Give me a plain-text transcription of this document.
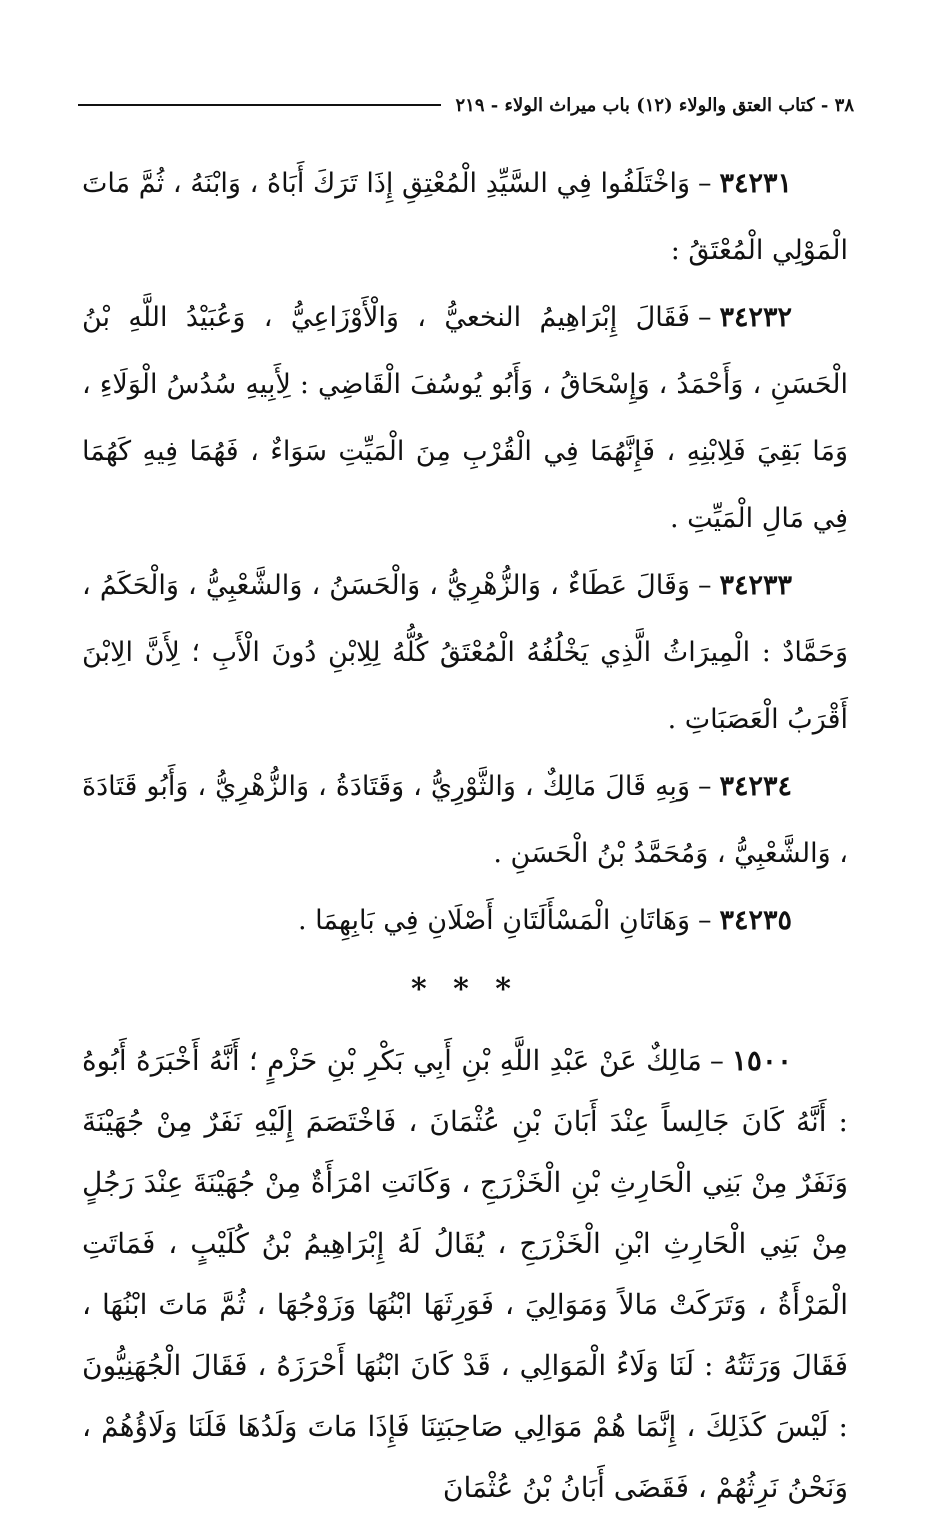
٣٨ - كتاب العتق والولاء (١٢) باب ميراث الولاء - ٢١٩

٣٤٢٣١–وَاخْتَلَفُوا فِي السَّيِّدِ الْمُعْتِقِ إِذَا تَرَكَ أَبَاهُ ، وَابْنَهُ ، ثُمَّ مَاتَ الْمَوْلِي الْمُعْتَقُ :

٣٤٢٣٢–فَقَالَ إِبْرَاهِيمُ النخعيُّ ، وَالْأَوْزَاعِيُّ ، وَعُبَيْدُ اللَّهِ بْنُ الْحَسَنِ ، وَأَحْمَدُ ، وَإِسْحَاقُ ، وَأَبُو يُوسُفَ الْقَاضِي : لِأَبِيهِ سُدُسُ الْوَلَاءِ ، وَمَا بَقِيَ فَلِابْنِهِ ، فَإِنَّهُمَا فِي الْقُرْبِ مِنَ الْمَيِّتِ سَوَاءٌ ، فَهُمَا فِيهِ كَهُمَا فِي مَالِ الْمَيِّتِ .

٣٤٢٣٣–وَقَالَ عَطَاءٌ ، وَالزُّهْرِيُّ ، وَالْحَسَنُ ، وَالشَّعْبِيُّ ، وَالْحَكَمُ ، وَحَمَّادٌ : الْمِيرَاثُ الَّذِي يَخْلُفُهُ الْمُعْتَقُ كُلُّهُ لِلِابْنِ دُونَ الْأَبِ ؛ لِأَنَّ الِابْنَ أَقْرَبُ الْعَصَبَاتِ .

٣٤٢٣٤–وَبِهِ قَالَ مَالِكٌ ، وَالثَّوْرِيُّ ، وَقَتَادَةُ ، وَالزُّهْرِيُّ ، وَأَبُو قَتَادَةَ ، وَالشَّعْبِيُّ ، وَمُحَمَّدُ بْنُ الْحَسَنِ .

٣٤٢٣٥–وَهَاتَانِ الْمَسْأَلَتَانِ أَصْلَانِ فِي بَابِهِمَا .

* * *

١٥٠٠–مَالِكٌ عَنْ عَبْدِ اللَّهِ بْنِ أَبِي بَكْرِ بْنِ حَزْمٍ ؛ أَنَّهُ أَخْبَرَهُ أَبُوهُ : أَنَّهُ كَانَ جَالِساً عِنْدَ أَبَانَ بْنِ عُثْمَانَ ، فَاخْتَصَمَ إِلَيْهِ نَفَرٌ مِنْ جُهَيْنَةَ وَنَفَرٌ مِنْ بَنِي الْحَارِثِ بْنِ الْخَزْرَجِ ، وَكَانَتِ امْرَأَةٌ مِنْ جُهَيْنَةَ عِنْدَ رَجُلٍ مِنْ بَنِي الْحَارِثِ ابْنِ الْخَزْرَجِ ، يُقَالُ لَهُ إِبْرَاهِيمُ بْنُ كُلَيْبٍ ، فَمَاتَتِ الْمَرْأَةُ ، وَتَرَكَتْ مَالاً وَمَوَالِيَ ، فَوَرِثَهَا ابْنُهَا وَزَوْجُهَا ، ثُمَّ مَاتَ ابْنُهَا ، فَقَالَ وَرَثَتُهُ : لَنَا وَلَاءُ الْمَوَالِي ، قَدْ كَانَ ابْنُهَا أَحْرَزَهُ ، فَقَالَ الْجُهَنِيُّونَ : لَيْسَ كَذَلِكَ ، إِنَّمَا هُمْ مَوَالِي صَاحِبَتِنَا فَإِذَا مَاتَ وَلَدُهَا فَلَنَا وَلَاؤُهُمْ ، وَنَحْنُ نَرِثُهُمْ ، فَقَضَى أَبَانُ بْنُ عُثْمَانَ
